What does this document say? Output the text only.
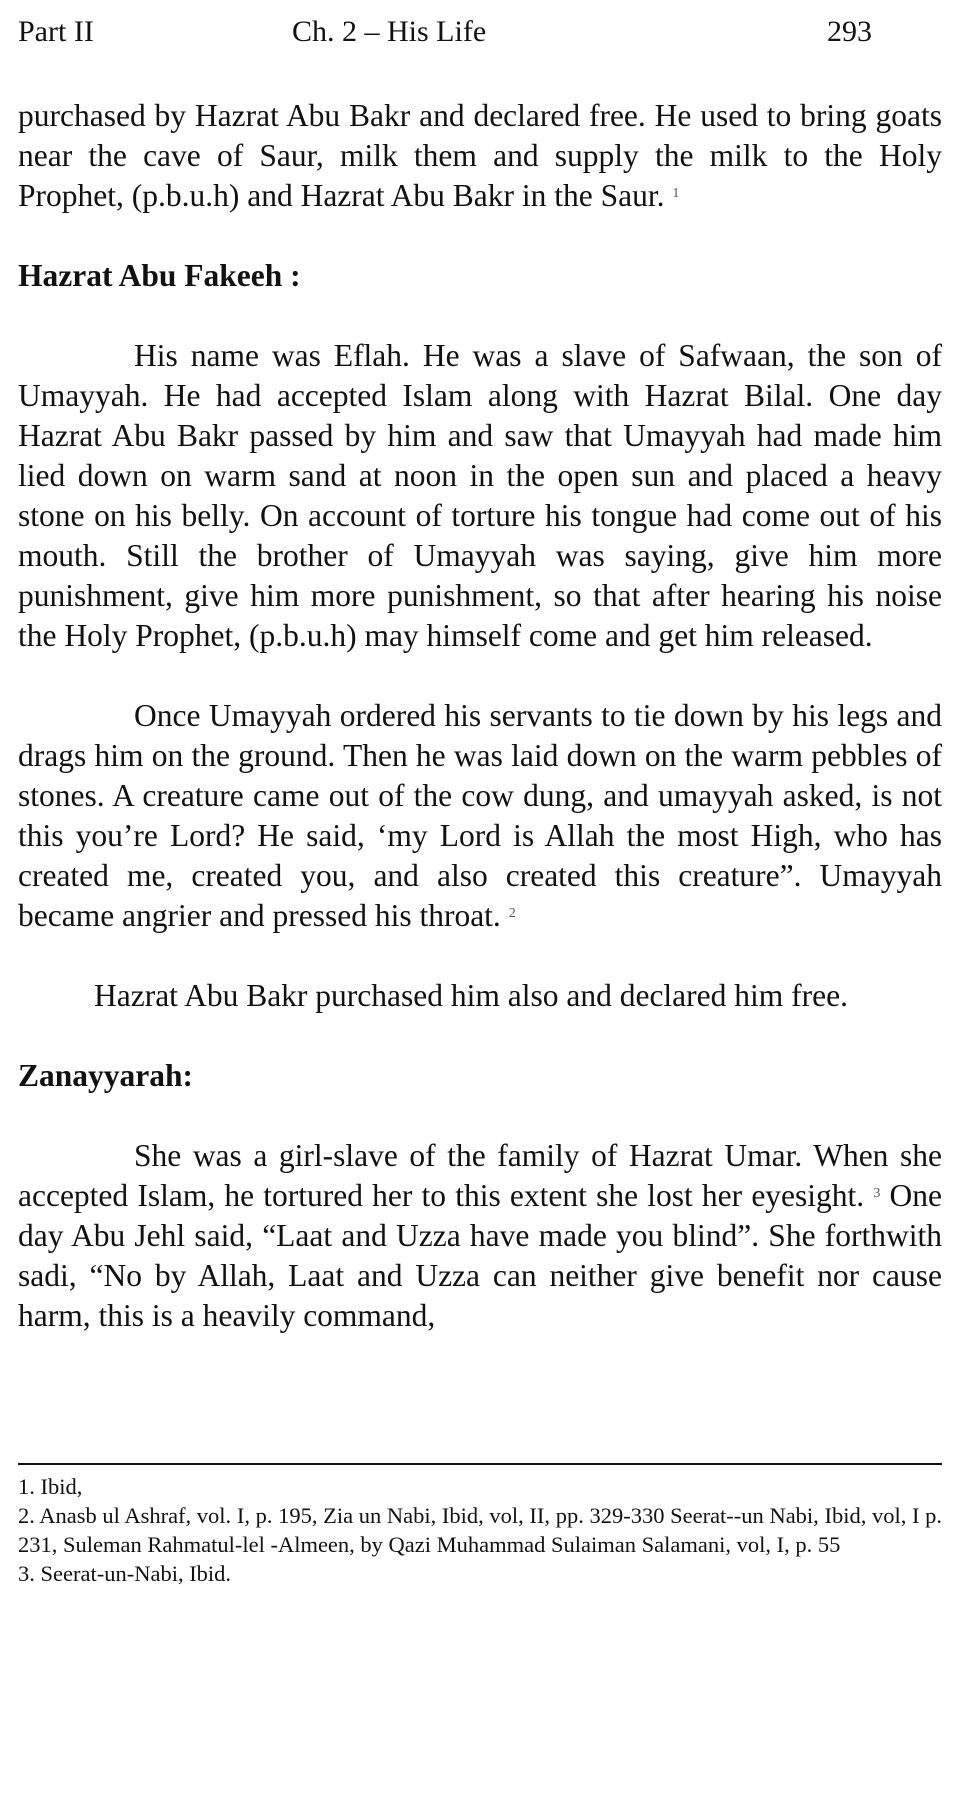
Part II	Ch. 2 – His Life	293

purchased by Hazrat Abu Bakr and declared free. He used to bring goats near the cave of Saur, milk them and supply the milk to the Holy Prophet, (p.b.u.h) and Hazrat Abu Bakr in the Saur. $^1$

Hazrat Abu Fakeeh :

His name was Eflah. He was a slave of Safwaan, the son of Umayyah. He had accepted Islam along with Hazrat Bilal. One day Hazrat Abu Bakr passed by him and saw that Umayyah had made him lied down on warm sand at noon in the open sun and placed a heavy stone on his belly. On account of torture his tongue had come out of his mouth. Still the brother of Umayyah was saying, give him more punishment, give him more punishment, so that after hearing his noise the Holy Prophet, (p.b.u.h) may himself come and get him released.

Once Umayyah ordered his servants to tie down by his legs and drags him on the ground. Then he was laid down on the warm pebbles of stones. A creature came out of the cow dung, and umayyah asked, is not this you’re Lord? He said, ‘my Lord is Allah the most High, who has created me, created you, and also created this creature”. Umayyah became angrier and pressed his throat. $^2$

Hazrat Abu Bakr purchased him also and declared him free.

Zanayyarah:

She was a girl-slave of the family of Hazrat Umar. When she accepted Islam, he tortured her to this extent she lost her eyesight. $^3$ One day Abu Jehl said, “Laat and Uzza have made you blind”. She forthwith sadi, “No by Allah, Laat and Uzza can neither give benefit nor cause harm, this is a heavily command,

1. Ibid,

2. Anasb ul Ashraf, vol. I, p. 195, Zia un Nabi, Ibid, vol, II, pp. 329-330 Seerat--un Nabi, Ibid, vol, I p. 231, Suleman Rahmatul-lel -Almeen, by Qazi Muhammad Sulaiman Salamani, vol, I, p. 55

3. Seerat-un-Nabi, Ibid.
